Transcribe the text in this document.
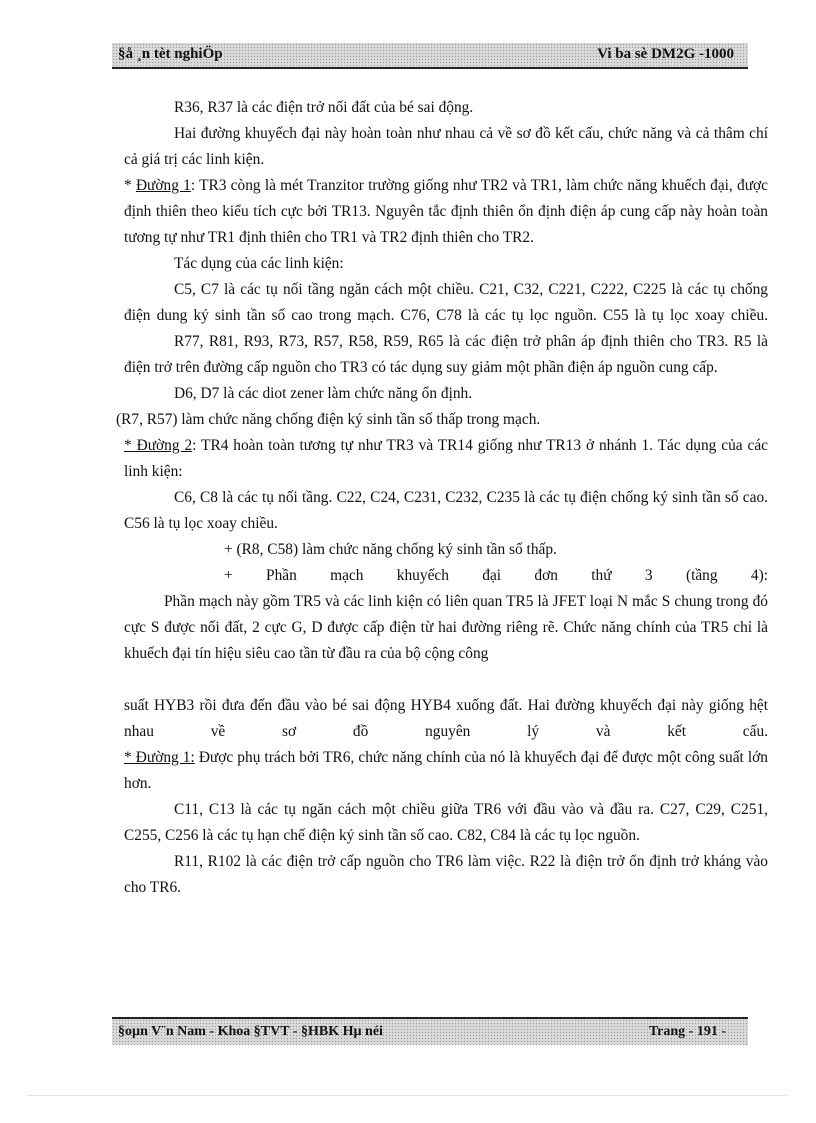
§å ¸n tèt nghiÖp	Vi ba sè DM2G -1000

R36, R37 là các điện trở nối đất của bé sai động.

Hai đường khuyếch đại này hoàn toàn như nhau cả về sơ đồ kết cấu, chức năng và cả thâm chí cả giá trị các linh kiện.

* Đường 1: TR3 còng là mét Tranzitor trường giống như TR2 và TR1, làm chức năng khuếch đại, được định thiên theo kiểu tích cực bởi TR13. Nguyên tắc định thiên ổn định điện áp cung cấp này hoàn toàn tương tự như TR1 định thiên cho TR1 và TR2 định thiên cho TR2.

Tác dụng của các linh kiện:

C5, C7 là các tụ nối tầng ngăn cách một chiều. C21, C32, C221, C222, C225 là các tụ chống điện dung ký sinh tần số cao trong mạch. C76, C78 là các tụ lọc nguồn. C55 là tụ lọc xoay chiều.

R77, R81, R93, R73, R57, R58, R59, R65 là các điện trở phân áp định thiên cho TR3. R5 là điện trở trên đường cấp nguồn cho TR3 có tác dụng suy giảm một phần điện áp nguồn cung cấp.

D6, D7 là các diot zener làm chức năng ổn định.

(R7, R57) làm chức năng chống điện ký sinh tần số thấp trong mạch.

* Đường 2: TR4 hoàn toàn tương tự như TR3 và TR14 giống như TR13 ở nhánh 1. Tác dụng của các linh kiện:

C6, C8 là các tụ nối tầng. C22, C24, C231, C232, C235 là các tụ điện chống ký sinh tần số cao. C56 là tụ lọc xoay chiều.

+ (R8, C58) làm chức năng chống ký sinh tần số thấp.

+ Phần mạch khuyếch đại đơn thứ 3 (tầng 4):

Phần mạch này gồm TR5 và các linh kiện có liên quan TR5 là JFET loại N mắc S chung trong đó cực S được nối đất, 2 cực G, D được cấp điện từ hai đường riêng rẽ. Chức năng chính của TR5 chỉ là khuếch đại tín hiệu siêu cao tần từ đầu ra của bộ cộng công

suất HYB3 rồi đưa đến đầu vào bé sai động HYB4 xuống đất. Hai đường khuyếch đại này giống hệt nhau về sơ đồ nguyên lý và kết cấu.

* Đường 1: Được phụ trách bởi TR6, chức năng chính của nó là khuyếch đại để được một công suất lớn hơn.

C11, C13 là các tụ ngăn cách một chiều giữa TR6 với đầu vào và đầu ra. C27, C29, C251, C255, C256 là các tụ hạn chế điện ký sinh tần số cao. C82, C84 là các tụ lọc nguồn.

R11, R102 là các điện trở cấp nguồn cho TR6 làm việc. R22 là điện trở ổn định trở kháng vào cho TR6.

§oµn V¨n Nam - Khoa §TVT - §HBK Hµ néi	Trang - 191 -
